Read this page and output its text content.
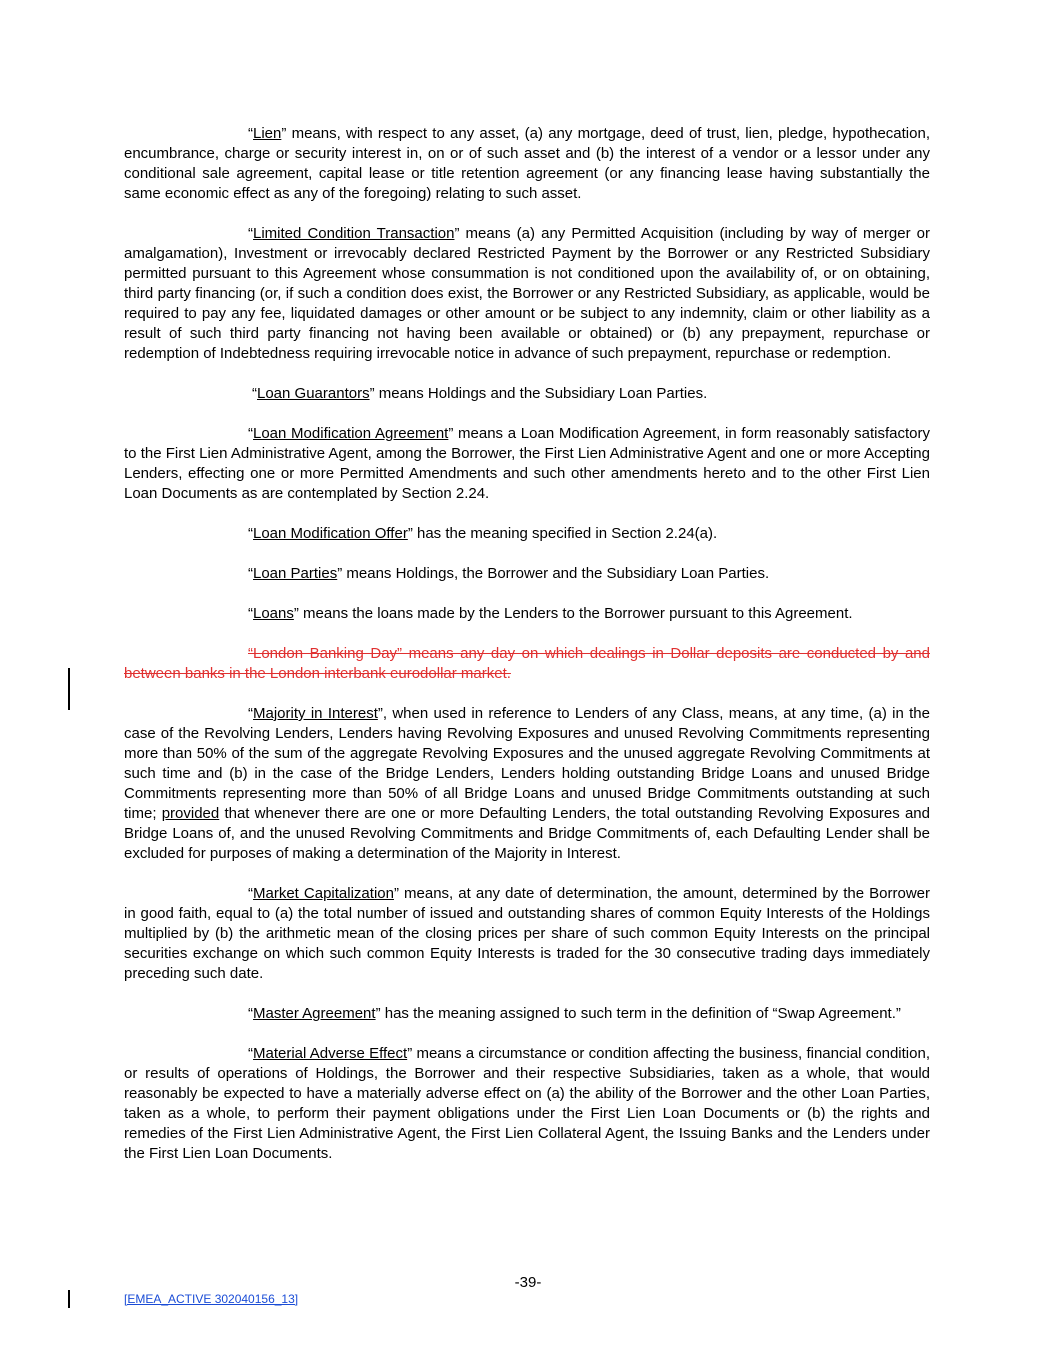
“Lien” means, with respect to any asset, (a) any mortgage, deed of trust, lien, pledge, hypothecation, encumbrance, charge or security interest in, on or of such asset and (b) the interest of a vendor or a lessor under any conditional sale agreement, capital lease or title retention agreement (or any financing lease having substantially the same economic effect as any of the foregoing) relating to such asset.

“Limited Condition Transaction” means (a) any Permitted Acquisition (including by way of merger or amalgamation), Investment or irrevocably declared Restricted Payment by the Borrower or any Restricted Subsidiary permitted pursuant to this Agreement whose consummation is not conditioned upon the availability of, or on obtaining, third party financing (or, if such a condition does exist, the Borrower or any Restricted Subsidiary, as applicable, would be required to pay any fee, liquidated damages or other amount or be subject to any indemnity, claim or other liability as a result of such third party financing not having been available or obtained) or (b) any prepayment, repurchase or redemption of Indebtedness requiring irrevocable notice in advance of such prepayment, repurchase or redemption.

“Loan Guarantors” means Holdings and the Subsidiary Loan Parties.

“Loan Modification Agreement” means a Loan Modification Agreement, in form reasonably satisfactory to the First Lien Administrative Agent, among the Borrower, the First Lien Administrative Agent and one or more Accepting Lenders, effecting one or more Permitted Amendments and such other amendments hereto and to the other First Lien Loan Documents as are contemplated by Section 2.24.

“Loan Modification Offer” has the meaning specified in Section 2.24(a).

“Loan Parties” means Holdings, the Borrower and the Subsidiary Loan Parties.

“Loans” means the loans made by the Lenders to the Borrower pursuant to this Agreement.

“London Banking Day” means any day on which dealings in Dollar deposits are conducted by and between banks in the London interbank eurodollar market.

“Majority in Interest”, when used in reference to Lenders of any Class, means, at any time, (a) in the case of the Revolving Lenders, Lenders having Revolving Exposures and unused Revolving Commitments representing more than 50% of the sum of the aggregate Revolving Exposures and the unused aggregate Revolving Commitments at such time and (b) in the case of the Bridge Lenders, Lenders holding outstanding Bridge Loans and unused Bridge Commitments representing more than 50% of all Bridge Loans and unused Bridge Commitments outstanding at such time; provided that whenever there are one or more Defaulting Lenders, the total outstanding Revolving Exposures and Bridge Loans of, and the unused Revolving Commitments and Bridge Commitments of, each Defaulting Lender shall be excluded for purposes of making a determination of the Majority in Interest.

“Market Capitalization” means, at any date of determination, the amount, determined by the Borrower in good faith, equal to (a) the total number of issued and outstanding shares of common Equity Interests of the Holdings multiplied by (b) the arithmetic mean of the closing prices per share of such common Equity Interests on the principal securities exchange on which such common Equity Interests is traded for the 30 consecutive trading days immediately preceding such date.

“Master Agreement” has the meaning assigned to such term in the definition of “Swap Agreement.”

“Material Adverse Effect” means a circumstance or condition affecting the business, financial condition, or results of operations of Holdings, the Borrower and their respective Subsidiaries, taken as a whole, that would reasonably be expected to have a materially adverse effect on (a) the ability of the Borrower and the other Loan Parties, taken as a whole, to perform their payment obligations under the First Lien Loan Documents or (b) the rights and remedies of the First Lien Administrative Agent, the First Lien Collateral Agent, the Issuing Banks and the Lenders under the First Lien Loan Documents.

-39-
[EMEA_ACTIVE 302040156_13]
